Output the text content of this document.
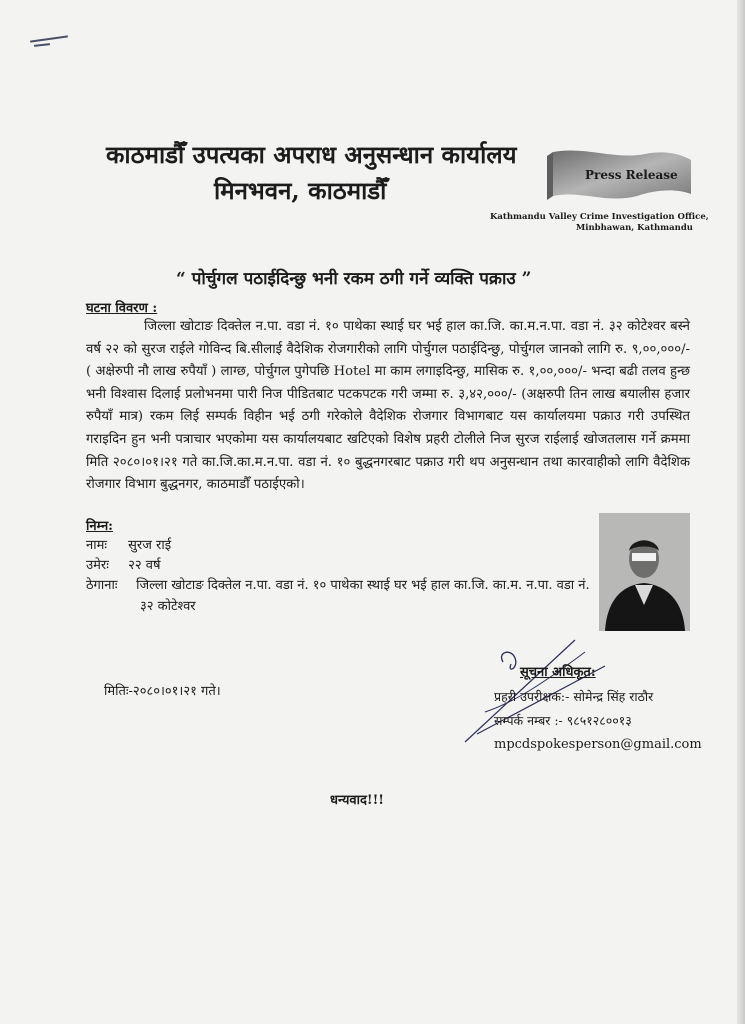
काठमाडौँ उपत्यका अपराध अनुसन्धान कार्यालय
मिनभवन, काठमाडौँ
Press Release
Kathmandu Valley Crime Investigation Office,
Minbhawan, Kathmandu
“ पोर्चुगल पठाईदिन्छु भनी रकम ठगी गर्ने व्यक्ति पक्राउ ”
घटना विवरण :
जिल्ला खोटाङ दिक्तेल न.पा. वडा नं. १० पाथेका स्थाई घर भई हाल का.जि. का.म.न.पा. वडा नं. ३२ कोटेश्वर बस्ने वर्ष २२ को सुरज राईले गोविन्द बि.सीलाई वैदेशिक रोजगारीको लागि पोर्चुगल पठाईदिन्छु, पोर्चुगल जानको लागि रु. ९,००,०००/- ( अक्षेरुपी नौ लाख रुपैयाँ ) लाग्छ, पोर्चुगल पुगेपछि Hotel मा काम लगाइदिन्छु, मासिक रु. १,००,०००/- भन्दा बढी तलव हुन्छ भनी विश्वास दिलाई प्रलोभनमा पारी निज पीडितबाट पटकपटक गरी जम्मा रु. ३,४२,०००/- (अक्षरुपी तिन लाख बयालीस हजार रुपैयाँ मात्र) रकम लिई सम्पर्क विहीन भई ठगी गरेकोले वैदेशिक रोजगार विभागबाट यस कार्यालयमा पक्राउ गरी उपस्थित गराइदिन हुन भनी पत्राचार भएकोमा यस कार्यालयबाट खटिएको विशेष प्रहरी टोलीले निज सुरज राईलाई खोजतलास गर्ने क्रममा मिति २०८०।०१।२१ गते का.जि.का.म.न.पा. वडा नं. १० बुद्धनगरबाट पक्राउ गरी थप अनुसन्धान तथा कारवाहीको लागि वैदेशिक रोजगार विभाग बुद्धनगर, काठमाडौँ पठाईएको।
निम्न:
नामः सुरज राई
उमेरः २२ वर्ष
ठेगानाः जिल्ला खोटाङ दिक्तेल न.पा. वडा नं. १० पाथेका स्थाई घर भई हाल का.जि. का.म. न.पा. वडा नं.
३२ कोटेश्वर
मितिः-२०८०।०१।२१ गते।
सूचना अधिकृत:
प्रहरी उपरीक्षक:- सोमेन्द्र सिंह राठौर
सम्पर्क नम्बर :- ९८५१२८००१३
mpcdspokesperson@gmail.com
धन्यवाद!!!
